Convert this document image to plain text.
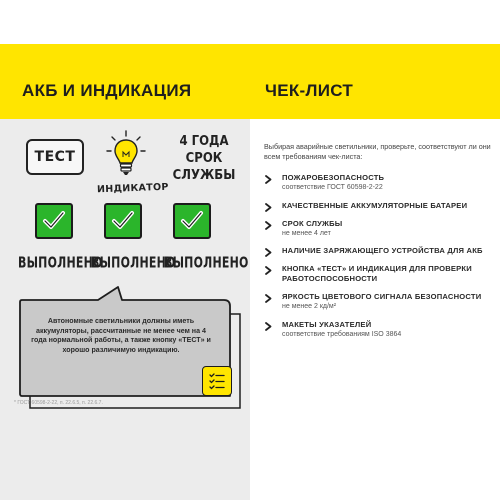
АКБ И ИНДИКАЦИЯ	ЧЕК-ЛИСТ
ТЕСТ
ИНДИКАТОР
4 ГОДА
СРОК
СЛУЖБЫ
ВЫПОЛНЕНО
ВЫПОЛНЕНО
ВЫПОЛНЕНО
Автономные светильники должны иметь аккумуляторы, рассчитанные не менее чем на 4 года нормальной работы, а также кнопку «ТЕСТ» и хорошо различимую индикацию.
* ГОСТ 60598-2-22, п. 22.6.5, п. 22.6.7.
Выбирая аварийные светильники, проверьте, соответствуют ли они всем требованиям чек-листа:
ПОЖАРОБЕЗОПАСНОСТЬ
соответствие ГОСТ 60598-2-22
КАЧЕСТВЕННЫЕ АККУМУЛЯТОРНЫЕ БАТАРЕИ
СРОК СЛУЖБЫ
не менее 4 лет
НАЛИЧИЕ ЗАРЯЖАЮЩЕГО УСТРОЙСТВА ДЛЯ АКБ
КНОПКА «ТЕСТ» И ИНДИКАЦИЯ ДЛЯ ПРОВЕРКИ РАБОТОСПОСОБНОСТИ
ЯРКОСТЬ ЦВЕТОВОГО СИГНАЛА БЕЗОПАСНОСТИ
не менее 2 кд/м²
МАКЕТЫ УКАЗАТЕЛЕЙ
соответствие требованиям ISO 3864
